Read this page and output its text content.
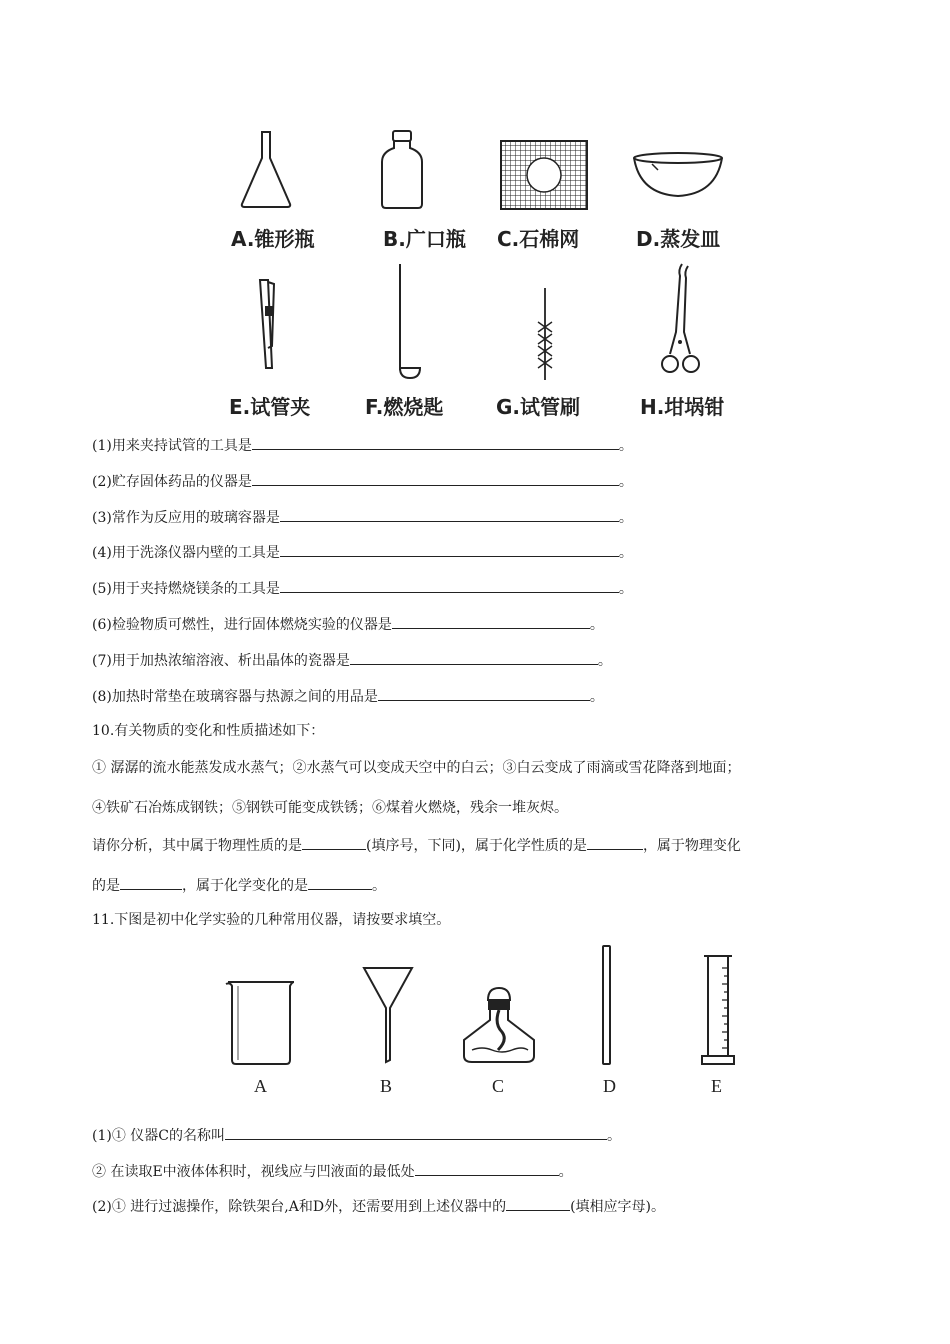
A.锥形瓶	B.广口瓶 C.石棉网	D.蒸发皿
E.试管夹	F.燃烧匙	G.试管刷	H.坩埚钳
(1)用来夹持试管的工具是	。
(2)贮存固体药品的仪器是	。
(3)常作为反应用的玻璃容器是	。
(4)用于洗涤仪器内壁的工具是	。
(5)用于夹持燃烧镁条的工具是	。
(6)检验物质可燃性，进行固体燃烧实验的仪器是	。
(7)用于加热浓缩溶液、析出晶体的瓷器是	。
(8)加热时常垫在玻璃容器与热源之间的用品是	。
10.有关物质的变化和性质描述如下：
① 潺潺的流水能蒸发成水蒸气；②水蒸气可以变成天空中的白云；③白云变成了雨滴或雪花降落到地面；
④铁矿石冶炼成钢铁；⑤钢铁可能变成铁锈；⑥煤着火燃烧，残余一堆灰烬。
请你分析，其中属于物理性质的是	(填序号，下同)，属于化学性质的是	，属于物理变化
的是	，属于化学变化的是	。
11.下图是初中化学实验的几种常用仪器，请按要求填空。
A	B	C	D	E
(1)① 仪器C的名称叫	。
② 在读取E中液体体积时，视线应与凹液面的最低处	。
(2)① 进行过滤操作，除铁架台,A和D外，还需要用到上述仪器中的	(填相应字母)。
